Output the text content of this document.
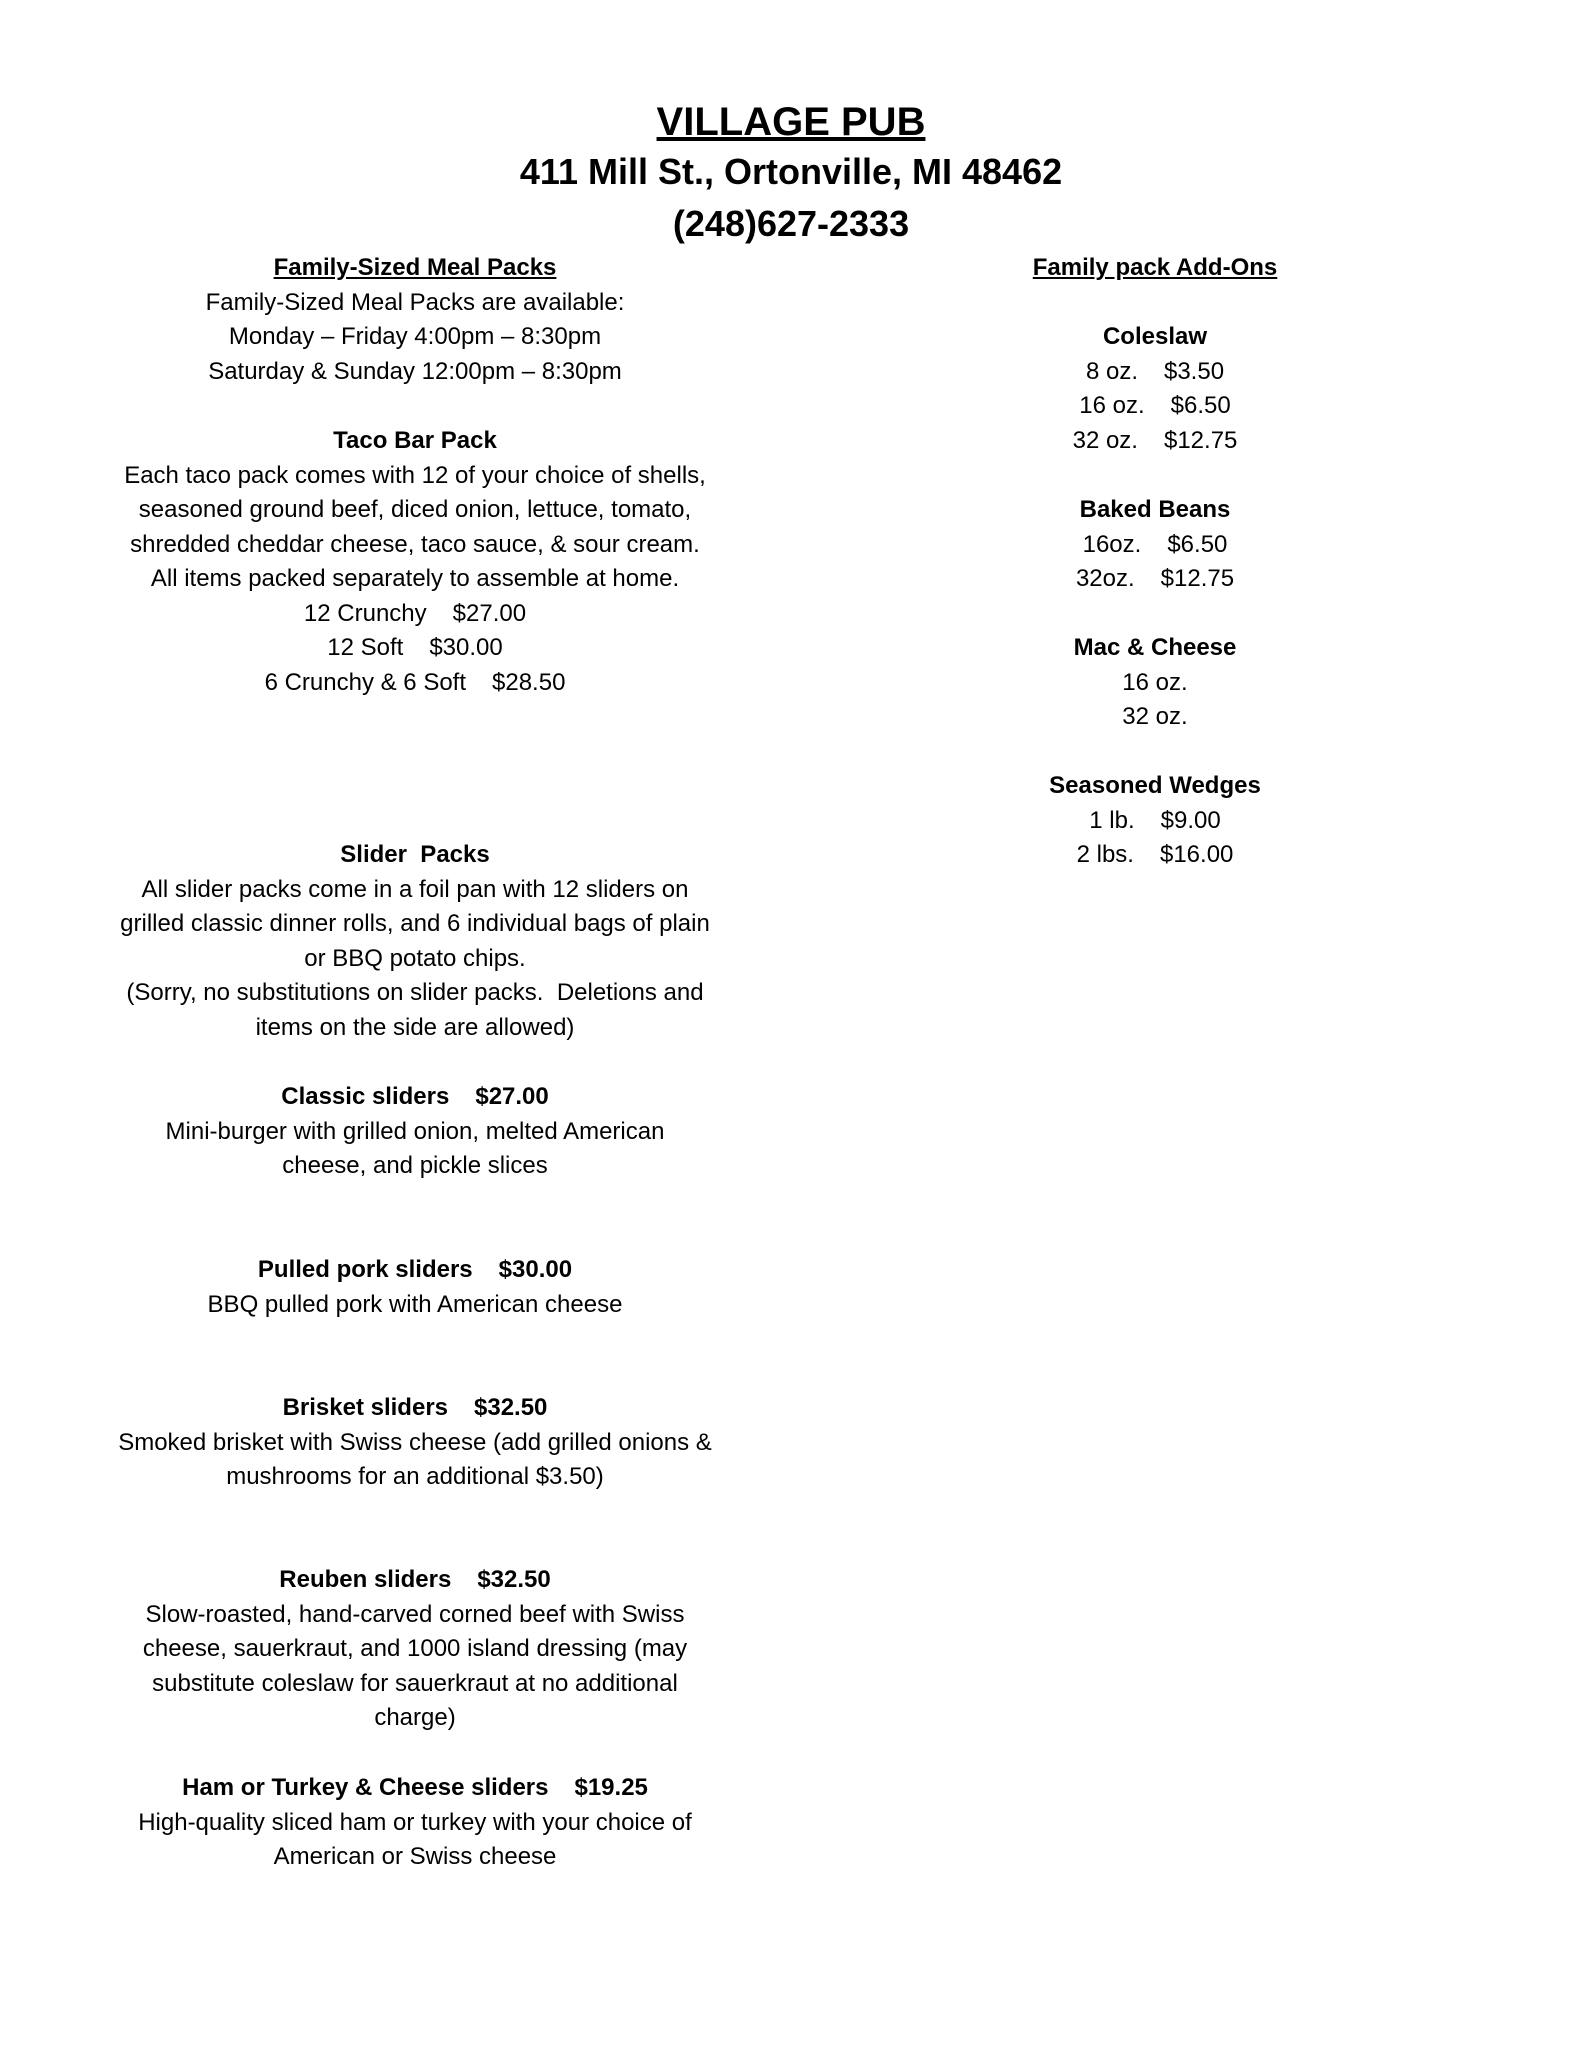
VILLAGE PUB
411 Mill St., Ortonville, MI 48462
(248)627-2333
Family-Sized Meal Packs
Family-Sized Meal Packs are available:
Monday – Friday 4:00pm – 8:30pm
Saturday & Sunday 12:00pm – 8:30pm
Taco Bar Pack
Each taco pack comes with 12 of your choice of shells,
seasoned ground beef, diced onion, lettuce, tomato,
shredded cheddar cheese, taco sauce, & sour cream.
All items packed separately to assemble at home.
12 Crunchy $27.00
12 Soft $30.00
6 Crunchy & 6 Soft $28.50
Slider  Packs
All slider packs come in a foil pan with 12 sliders on
grilled classic dinner rolls, and 6 individual bags of plain
or BBQ potato chips.
(Sorry, no substitutions on slider packs.  Deletions and
items on the side are allowed)
Classic sliders $27.00
Mini-burger with grilled onion, melted American
cheese, and pickle slices
Pulled pork sliders $30.00
BBQ pulled pork with American cheese
Brisket sliders $32.50
Smoked brisket with Swiss cheese (add grilled onions &
mushrooms for an additional $3.50)
Reuben sliders $32.50
Slow-roasted, hand-carved corned beef with Swiss
cheese, sauerkraut, and 1000 island dressing (may
substitute coleslaw for sauerkraut at no additional
charge)
Ham or Turkey & Cheese sliders $19.25
High-quality sliced ham or turkey with your choice of
American or Swiss cheese
Family pack Add-Ons
Coleslaw
8 oz. $3.50
16 oz. $6.50
32 oz. $12.75
Baked Beans
16oz. $6.50
32oz. $12.75
Mac & Cheese
16 oz.
32 oz.
Seasoned Wedges
1 lb. $9.00
2 lbs. $16.00
